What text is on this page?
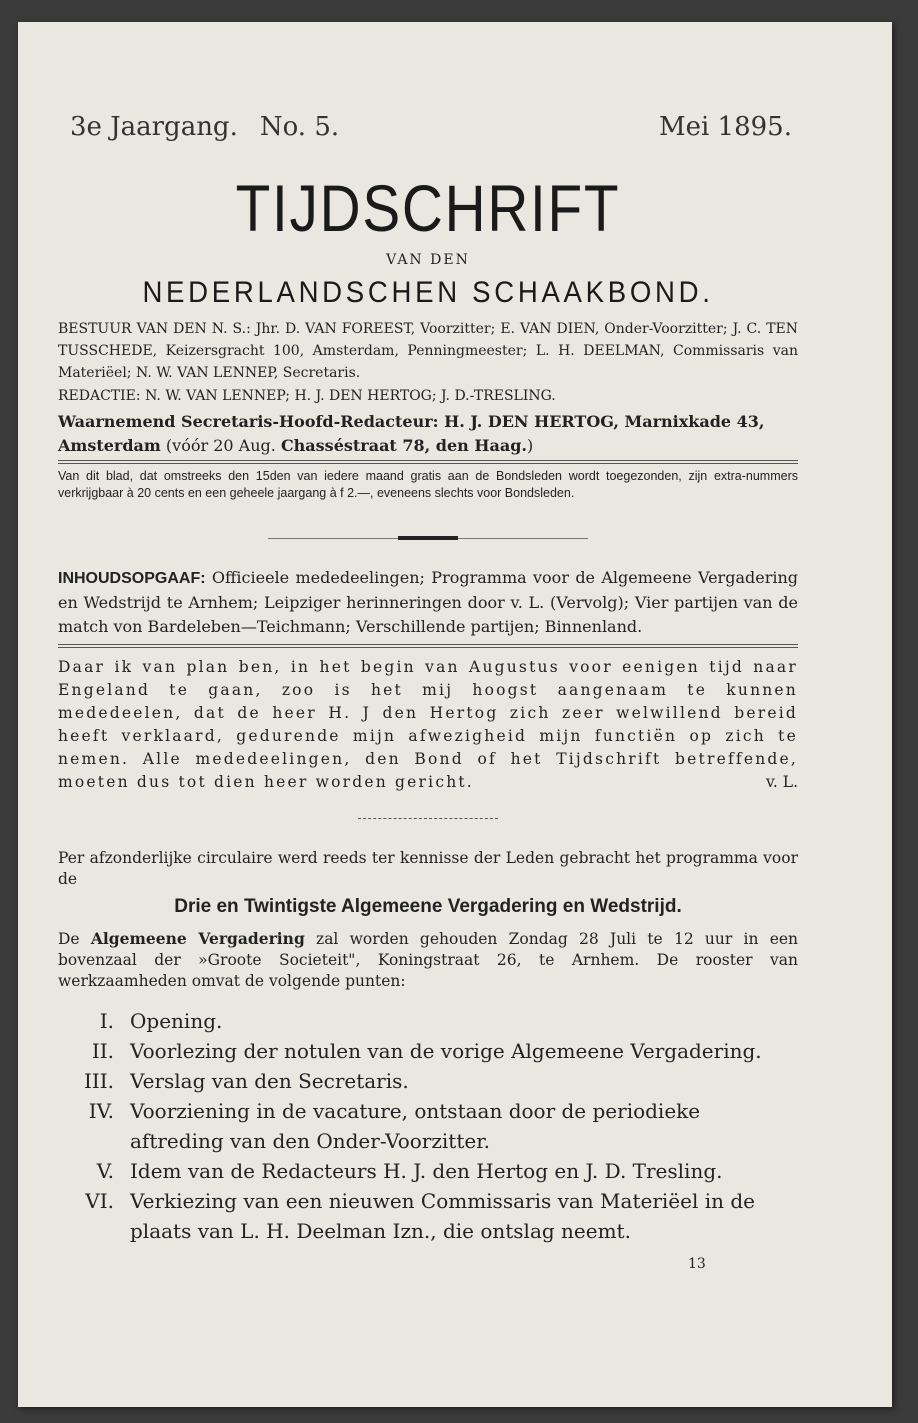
3e Jaargang. No. 5.	Mei 1895.
TIJDSCHRIFT
VAN DEN
NEDERLANDSCHEN SCHAAKBOND.
BESTUUR VAN DEN N. S.: Jhr. D. VAN FOREEST, Voorzitter; E. VAN DIEN, Onder-Voorzitter; J. C. TEN TUSSCHEDE, Keizersgracht 100, Amsterdam, Penningmeester; L. H. DEELMAN, Commissaris van Materiëel; N. W. VAN LENNEP, Secretaris.
REDACTIE: N. W. VAN LENNEP; H. J. DEN HERTOG; J. D.-TRESLING.
Waarnemend Secretaris-Hoofd-Redacteur: H. J. DEN HERTOG, Marnixkade 43, Amsterdam (vóór 20 Aug. Chasséstraat 78, den Haag.)
Van dit blad, dat omstreeks den 15den van iedere maand gratis aan de Bondsleden wordt toegezonden, zijn extra-nummers verkrijgbaar à 20 cents en een geheele jaargang à f 2.—, eveneens slechts voor Bondsleden.
INHOUDSOPGAAF: Officieele mededeelingen; Programma voor de Algemeene Vergadering en Wedstrijd te Arnhem; Leipziger herinneringen door v. L. (Vervolg); Vier partijen van de match von Bardeleben—Teichmann; Verschillende partijen; Binnenland.
Daar ik van plan ben, in het begin van Augustus voor eenigen tijd naar Engeland te gaan, zoo is het mij hoogst aangenaam te kunnen mededeelen, dat de heer H. J den Hertog zich zeer welwillend bereid heeft verklaard, gedurende mijn afwezigheid mijn functiën op zich te nemen. Alle mededeelingen, den Bond of het Tijdschrift betreffende, moeten dus tot dien heer worden gericht.	v. L.
Per afzonderlijke circulaire werd reeds ter kennisse der Leden gebracht het programma voor de
Drie en Twintigste Algemeene Vergadering en Wedstrijd.
De Algemeene Vergadering zal worden gehouden Zondag 28 Juli te 12 uur in een bovenzaal der »Groote Societeit", Koningstraat 26, te Arnhem. De rooster van werkzaamheden omvat de volgende punten:
I. Opening.
II. Voorlezing der notulen van de vorige Algemeene Vergadering.
III. Verslag van den Secretaris.
IV. Voorziening in de vacature, ontstaan door de periodieke aftreding van den Onder-Voorzitter.
V. Idem van de Redacteurs H. J. den Hertog en J. D. Tresling.
VI. Verkiezing van een nieuwen Commissaris van Materiëel in de plaats van L. H. Deelman Izn., die ontslag neemt.
13
